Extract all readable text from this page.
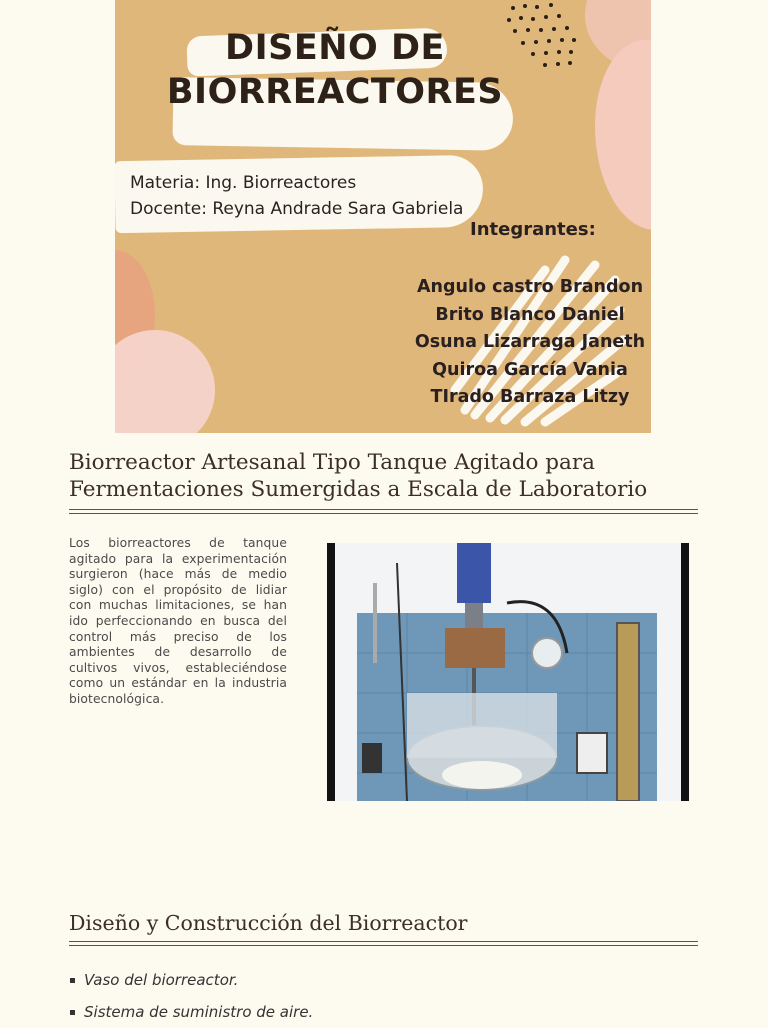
DISEÑO DE
BIORREACTORES
Materia: Ing. Biorreactores
Docente: Reyna Andrade Sara Gabriela
Integrantes:
Angulo castro Brandon
Brito Blanco Daniel
Osuna Lizarraga Janeth
Quiroa García Vania
TIrado Barraza Litzy
Biorreactor Artesanal Tipo Tanque Agitado para
Fermentaciones Sumergidas a Escala de Laboratorio

Los biorreactores de tanque agitado para la experimentación surgieron (hace más de medio siglo) con el propósito de lidiar con muchas limitaciones, se han ido perfeccionando en busca del control más preciso de los ambientes de desarrollo de cultivos vivos, estableciéndose como un estándar en la industria biotecnológica.

Diseño y Construcción del Biorreactor
Vaso del biorreactor.
Sistema de suministro de aire.
